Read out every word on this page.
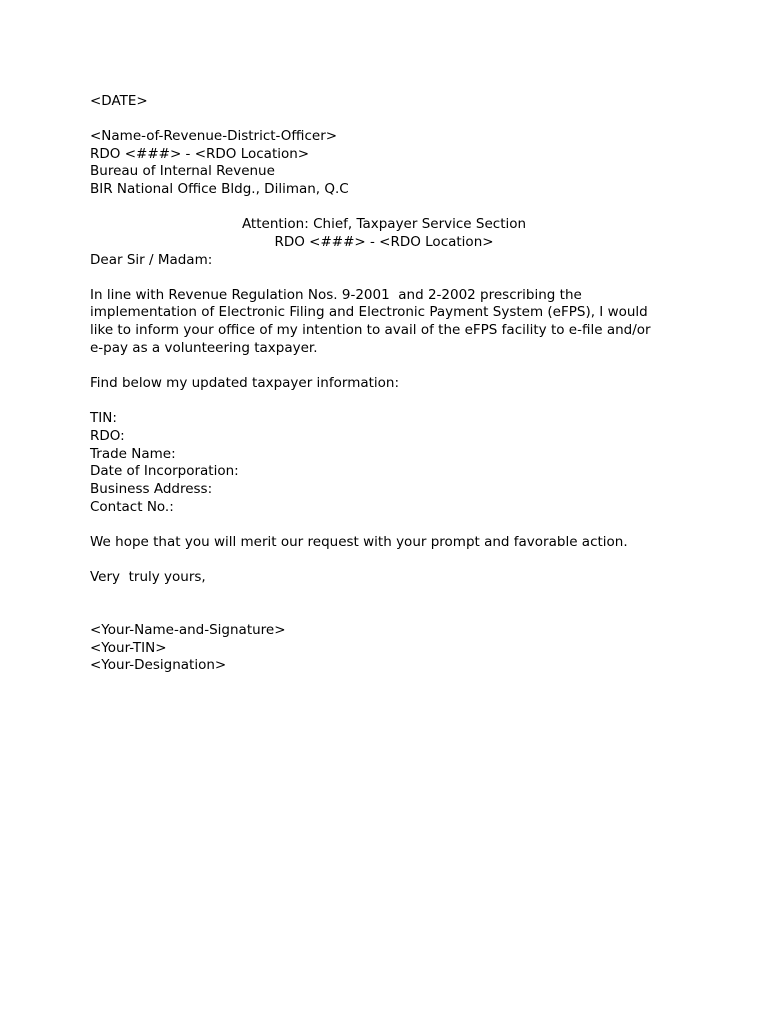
<DATE>
<Name-of-Revenue-District-Officer>
RDO <###> - <RDO Location>
Bureau of Internal Revenue
BIR National Office Bldg., Diliman, Q.C
Attention: Chief, Taxpayer Service Section
RDO <###> - <RDO Location>
Dear Sir / Madam:
In line with Revenue Regulation Nos. 9-2001  and 2-2002 prescribing the
implementation of Electronic Filing and Electronic Payment System (eFPS), I would
like to inform your office of my intention to avail of the eFPS facility to e-file and/or
e-pay as a volunteering taxpayer.
Find below my updated taxpayer information:
TIN:
RDO:
Trade Name:
Date of Incorporation:
Business Address:
Contact No.:
We hope that you will merit our request with your prompt and favorable action.
Very  truly yours,
<Your-Name-and-Signature>
<Your-TIN>
<Your-Designation>
